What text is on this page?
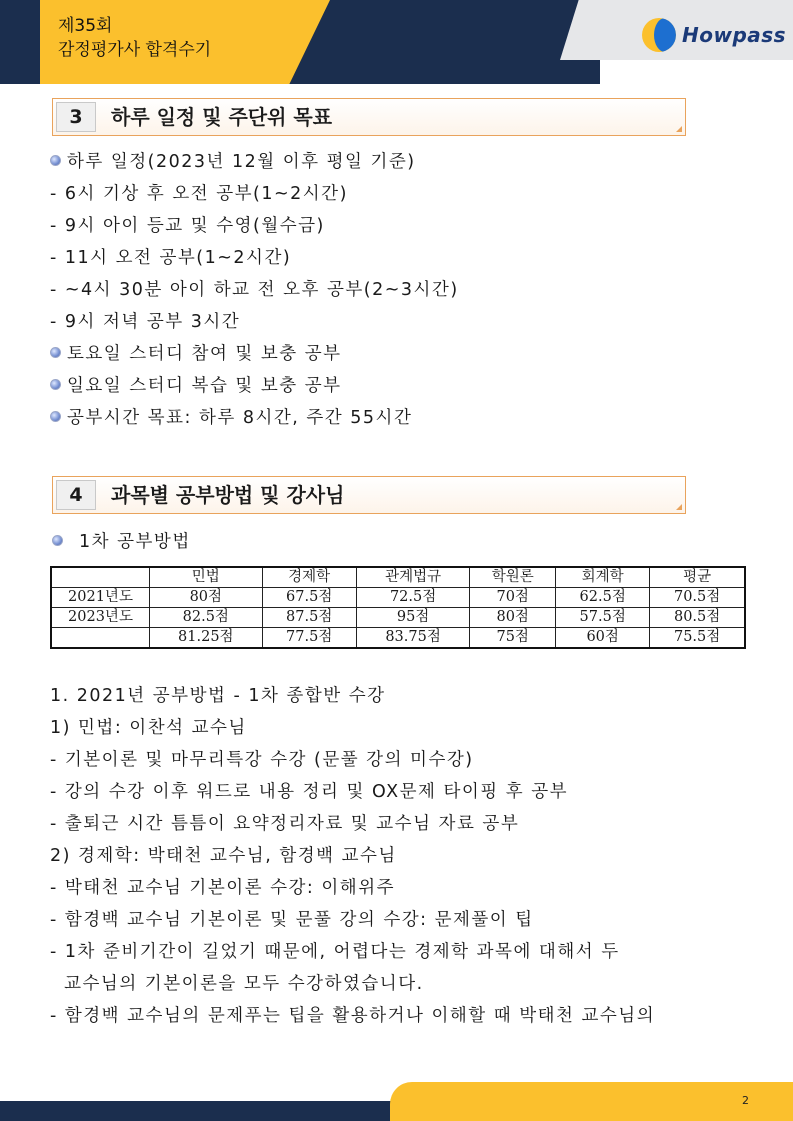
제35회
감정평가사 합격수기
Howpass
3	하루 일정 및 주단위 목표
하루 일정(2023년 12월 이후 평일 기준)
- 6시 기상 후 오전 공부(1~2시간)
- 9시 아이 등교 및 수영(월수금)
- 11시 오전 공부(1~2시간)
- ~4시 30분 아이 하교 전 오후 공부(2~3시간)
- 9시 저녁 공부 3시간
토요일 스터디 참여 및 보충 공부
일요일 스터디 복습 및 보충 공부
공부시간 목표: 하루 8시간, 주간 55시간
4	과목별 공부방법 및 강사님
1차 공부방법
	민법	경제학	관계법규	학원론	회계학	평균
2021년도	80점	67.5점	72.5점	70점	62.5점	70.5점
2023년도	82.5점	87.5점	95점	80점	57.5점	80.5점
	81.25점	77.5점	83.75점	75점	60점	75.5점
1. 2021년 공부방법 - 1차 종합반 수강
1) 민법: 이찬석 교수님
- 기본이론 및 마무리특강 수강 (문풀 강의 미수강)
- 강의 수강 이후 워드로 내용 정리 및 OX문제 타이핑 후 공부
- 출퇴근 시간 틈틈이 요약정리자료 및 교수님 자료 공부
2) 경제학: 박태천 교수님, 함경백 교수님
- 박태천 교수님 기본이론 수강: 이해위주
- 함경백 교수님 기본이론 및 문풀 강의 수강: 문제풀이 팁
- 1차 준비기간이 길었기 때문에, 어렵다는 경제학 과목에 대해서 두
교수님의 기본이론을 모두 수강하였습니다.
- 함경백 교수님의 문제푸는 팁을 활용하거나 이해할 때 박태천 교수님의
2
